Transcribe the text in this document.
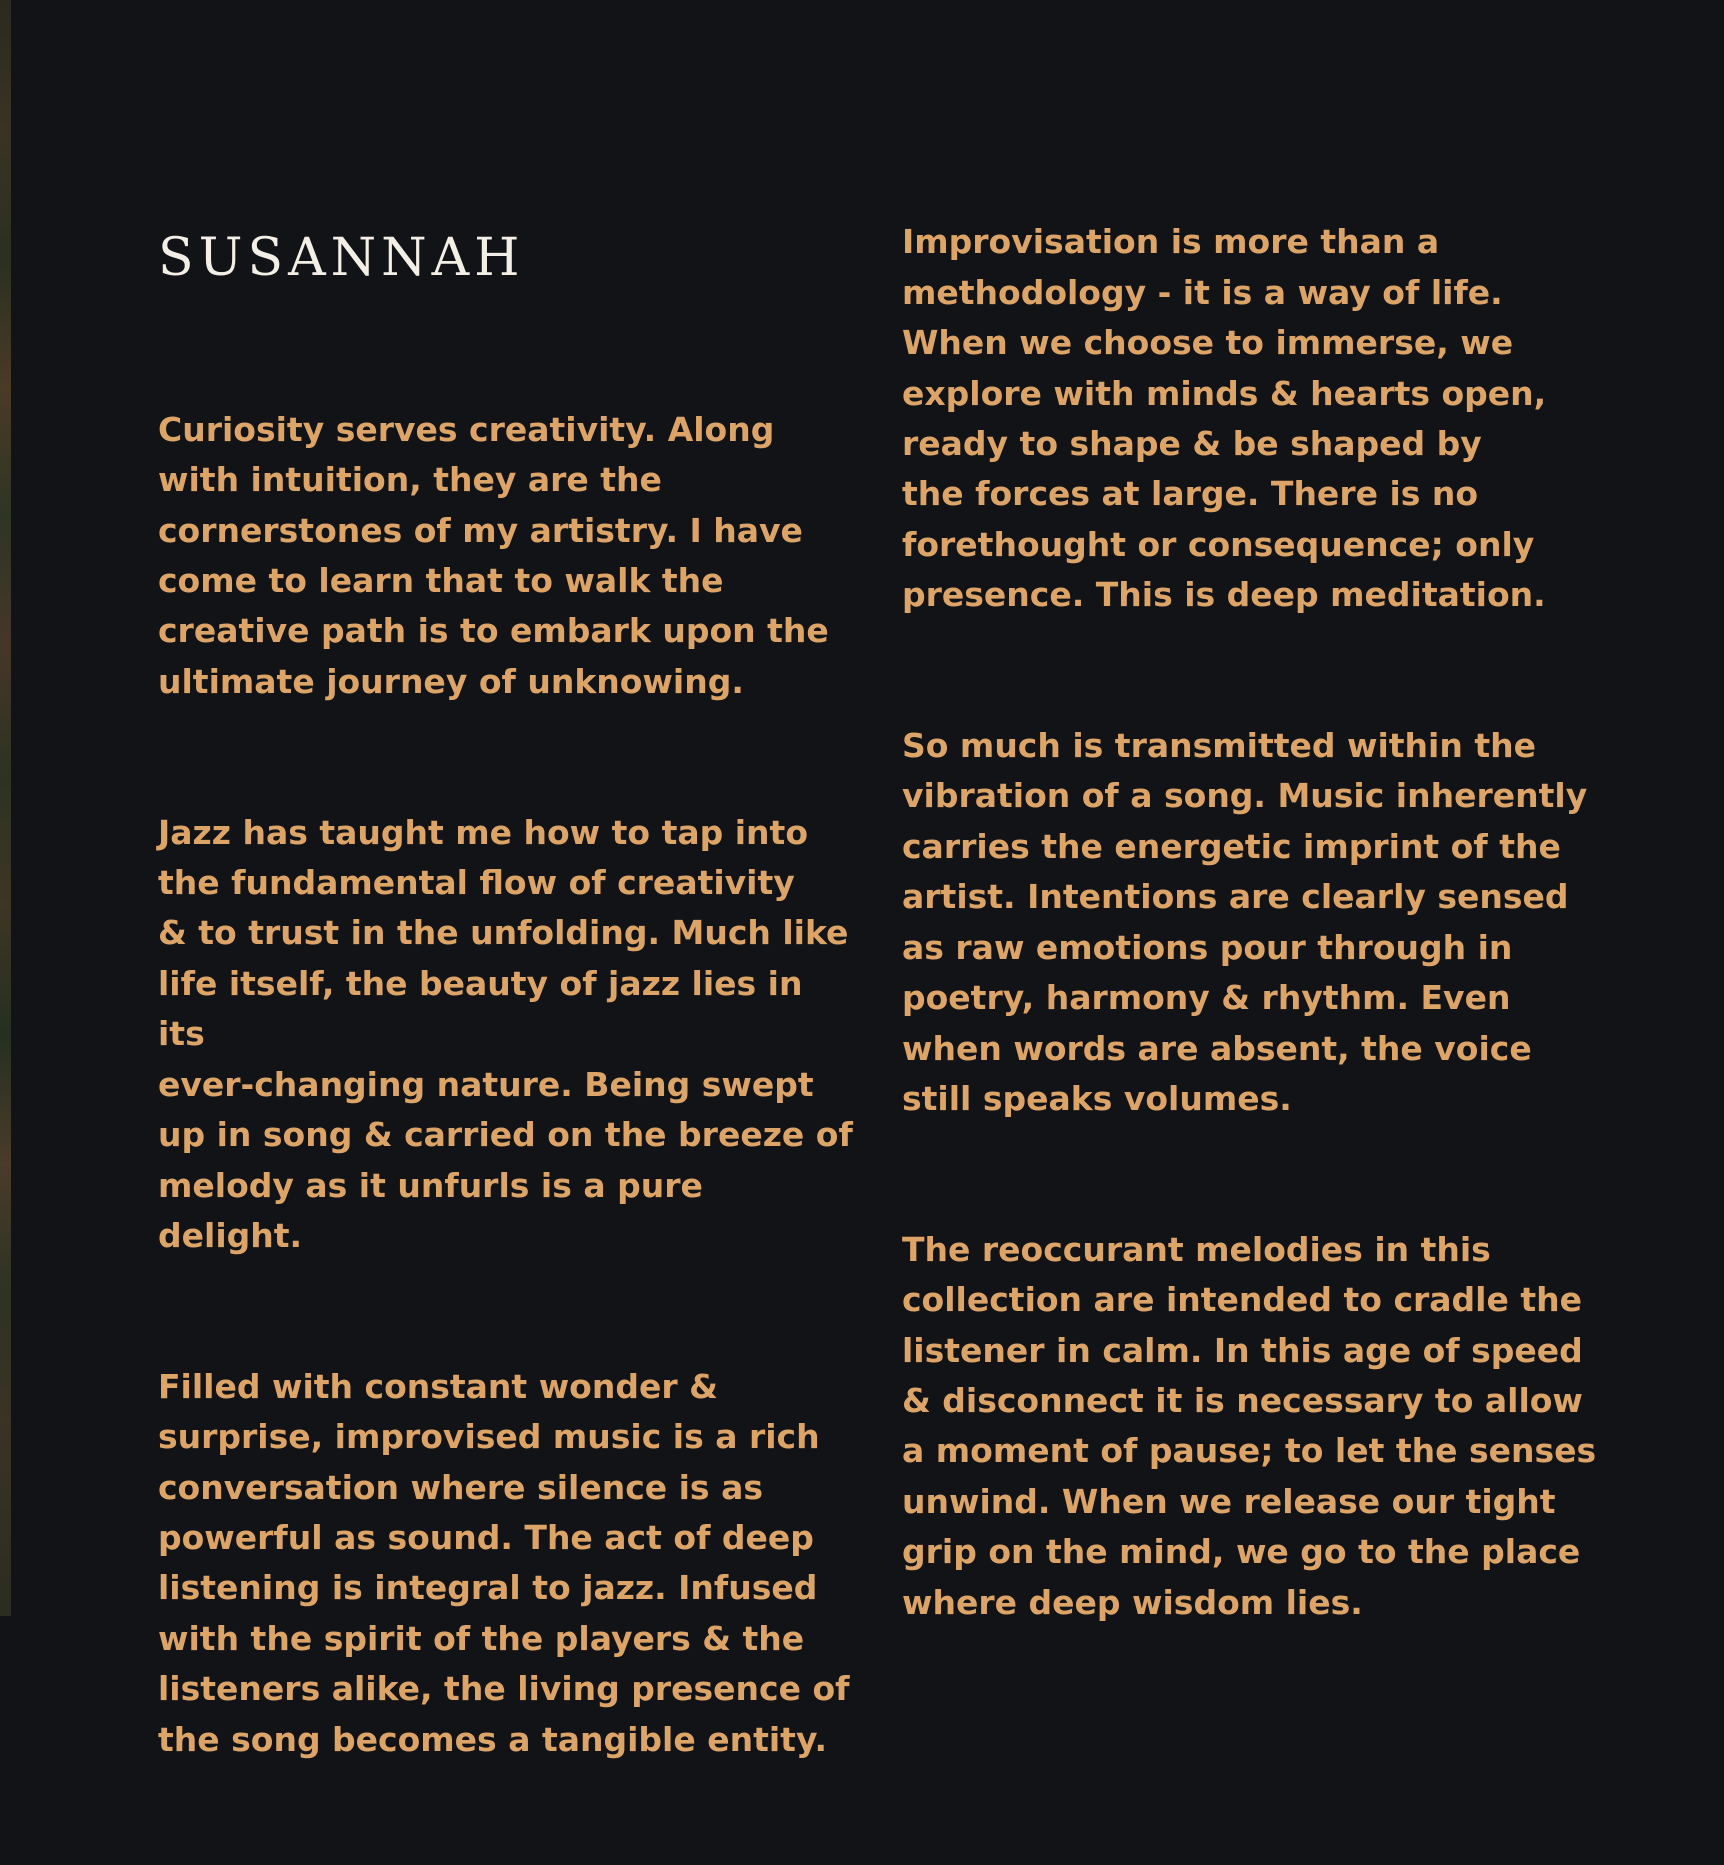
SUSANNAH

Curiosity serves creativity. Along
with intuition, they are the
cornerstones of my artistry. I have
come to learn that to walk the
creative path is to embark upon the
ultimate journey of unknowing.

Jazz has taught me how to tap into
the fundamental flow of creativity
& to trust in the unfolding. Much like
life itself, the beauty of jazz lies in its
ever-changing nature. Being swept
up in song & carried on the breeze of
melody as it unfurls is a pure delight.

Filled with constant wonder &
surprise, improvised music is a rich
conversation where silence is as
powerful as sound. The act of deep
listening is integral to jazz. Infused
with the spirit of the players & the
listeners alike, the living presence of
the song becomes a tangible entity.

Improvisation is more than a
methodology - it is a way of life.
When we choose to immerse, we
explore with minds & hearts open,
ready to shape & be shaped by
the forces at large. There is no
forethought or consequence; only
presence. This is deep meditation.

So much is transmitted within the
vibration of a song. Music inherently
carries the energetic imprint of the
artist. Intentions are clearly sensed
as raw emotions pour through in
poetry, harmony & rhythm. Even
when words are absent, the voice
still speaks volumes.

The reoccurant melodies in this
collection are intended to cradle the
listener in calm. In this age of speed
& disconnect it is necessary to allow
a moment of pause; to let the senses
unwind. When we release our tight
grip on the mind, we go to the place
where deep wisdom lies.
